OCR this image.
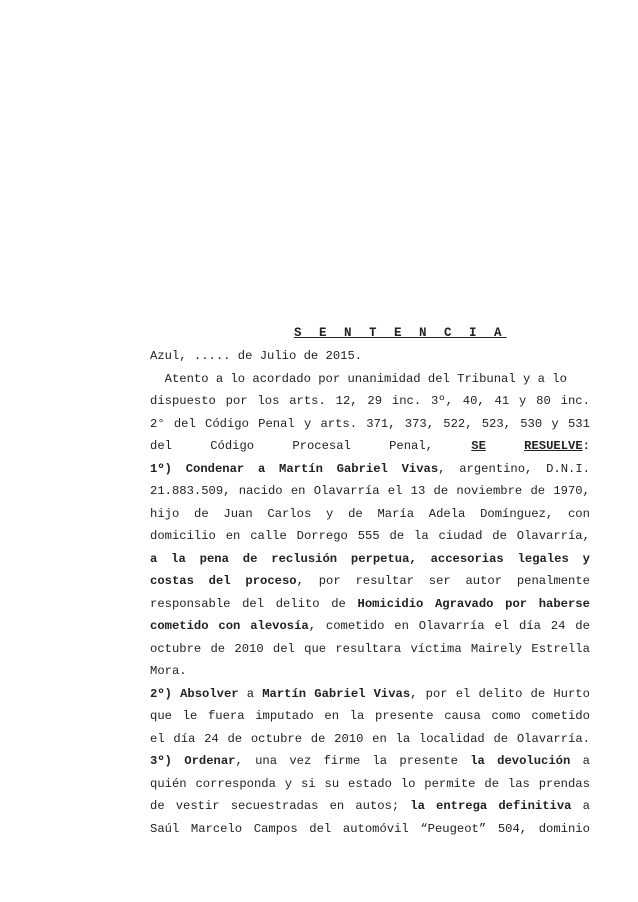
S E N T E N C I A
Azul, ..... de Julio de 2015.
Atento a lo acordado por unanimidad del Tribunal y a lo
dispuesto por los arts. 12, 29 inc. 3º, 40, 41 y 80 inc.
2° del Código Penal y arts. 371, 373, 522, 523, 530 y 531
del	Código	Procesal	Penal,	SE	RESUELVE:
1º) Condenar a Martín Gabriel Vivas, argentino, D.N.I.
21.883.509, nacido en Olavarría el 13 de noviembre de 1970,
hijo de Juan Carlos y de María Adela Domínguez, con
domicilio en calle Dorrego 555 de la ciudad de Olavarría,
a la pena de reclusión perpetua, accesorias legales y
costas del proceso, por resultar ser autor penalmente
responsable del delito de Homicidio Agravado por haberse
cometido con alevosía, cometido en Olavarría el día 24 de
octubre de 2010 del que resultara víctima Mairely Estrella
Mora.
2º) Absolver a Martín Gabriel Vivas, por el delito de Hurto
que le fuera imputado en la presente causa como cometido
el día 24 de octubre de 2010 en la localidad de Olavarría.
3º) Ordenar, una vez firme la presente la devolución a
quién corresponda y si su estado lo permite de las prendas
de vestir secuestradas en autos; la entrega definitiva a
Saúl Marcelo Campos del automóvil “Peugeot” 504, dominio
